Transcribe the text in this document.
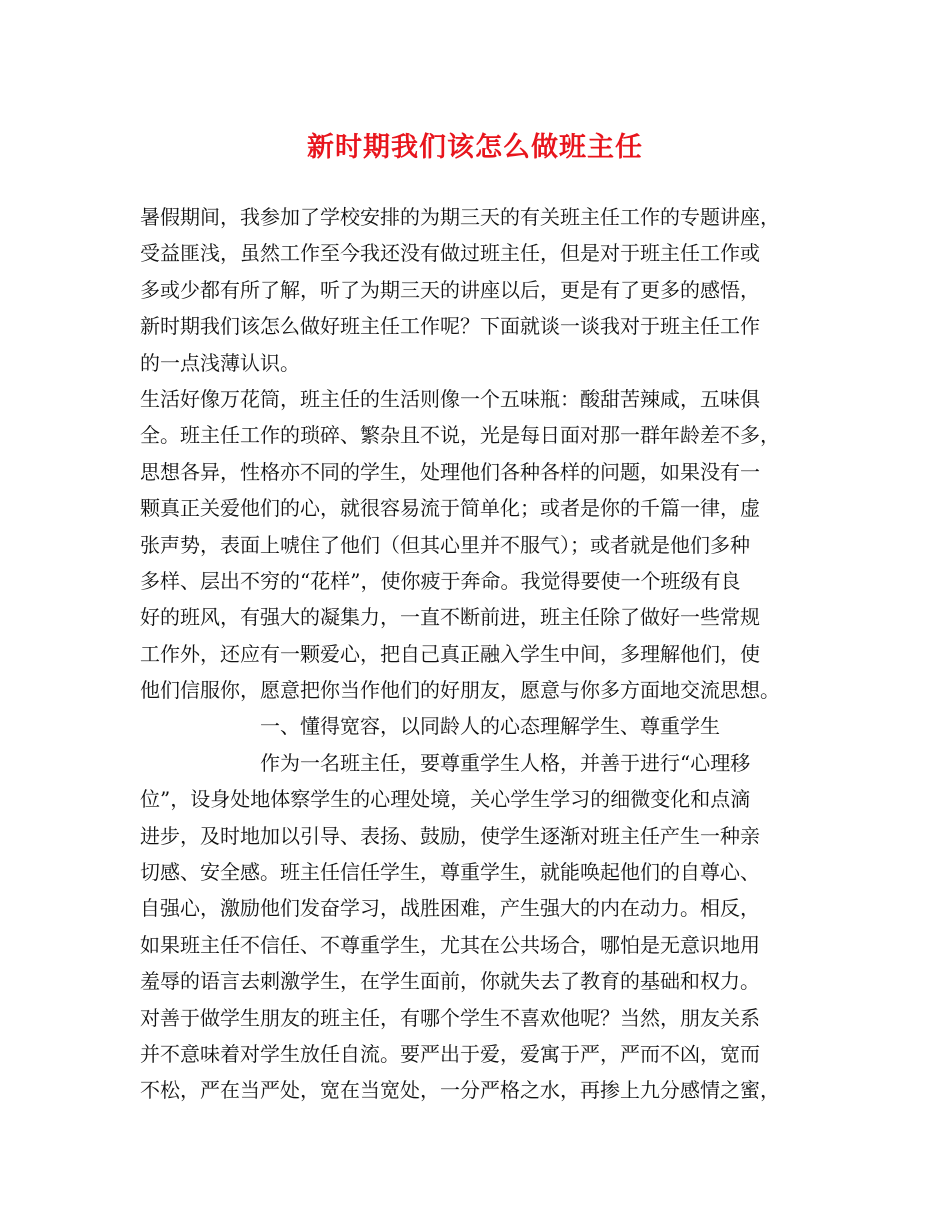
新时期我们该怎么做班主任
暑假期间，我参加了学校安排的为期三天的有关班主任工作的专题讲座，
受益匪浅，虽然工作至今我还没有做过班主任，但是对于班主任工作或
多或少都有所了解，听了为期三天的讲座以后，更是有了更多的感悟，
新时期我们该怎么做好班主任工作呢？下面就谈一谈我对于班主任工作
的一点浅薄认识。
生活好像万花筒，班主任的生活则像一个五味瓶：酸甜苦辣咸，五味俱
全。班主任工作的琐碎、繁杂且不说，光是每日面对那一群年龄差不多，
思想各异，性格亦不同的学生，处理他们各种各样的问题，如果没有一
颗真正关爱他们的心，就很容易流于简单化；或者是你的千篇一律，虚
张声势，表面上唬住了他们（但其心里并不服气）；或者就是他们多种
多样、层出不穷的“花样”，使你疲于奔命。我觉得要使一个班级有良
好的班风，有强大的凝集力，一直不断前进，班主任除了做好一些常规
工作外，还应有一颗爱心，把自己真正融入学生中间，多理解他们，使
他们信服你，愿意把你当作他们的好朋友，愿意与你多方面地交流思想。
一、懂得宽容，以同龄人的心态理解学生、尊重学生
作为一名班主任，要尊重学生人格，并善于进行“心理移
位”，设身处地体察学生的心理处境，关心学生学习的细微变化和点滴
进步，及时地加以引导、表扬、鼓励，使学生逐渐对班主任产生一种亲
切感、安全感。班主任信任学生，尊重学生，就能唤起他们的自尊心、
自强心，激励他们发奋学习，战胜困难，产生强大的内在动力。相反，
如果班主任不信任、不尊重学生，尤其在公共场合，哪怕是无意识地用
羞辱的语言去刺激学生，在学生面前，你就失去了教育的基础和权力。
对善于做学生朋友的班主任，有哪个学生不喜欢他呢？当然，朋友关系
并不意味着对学生放任自流。要严出于爱，爱寓于严，严而不凶，宽而
不松，严在当严处，宽在当宽处，一分严格之水，再掺上九分感情之蜜，
